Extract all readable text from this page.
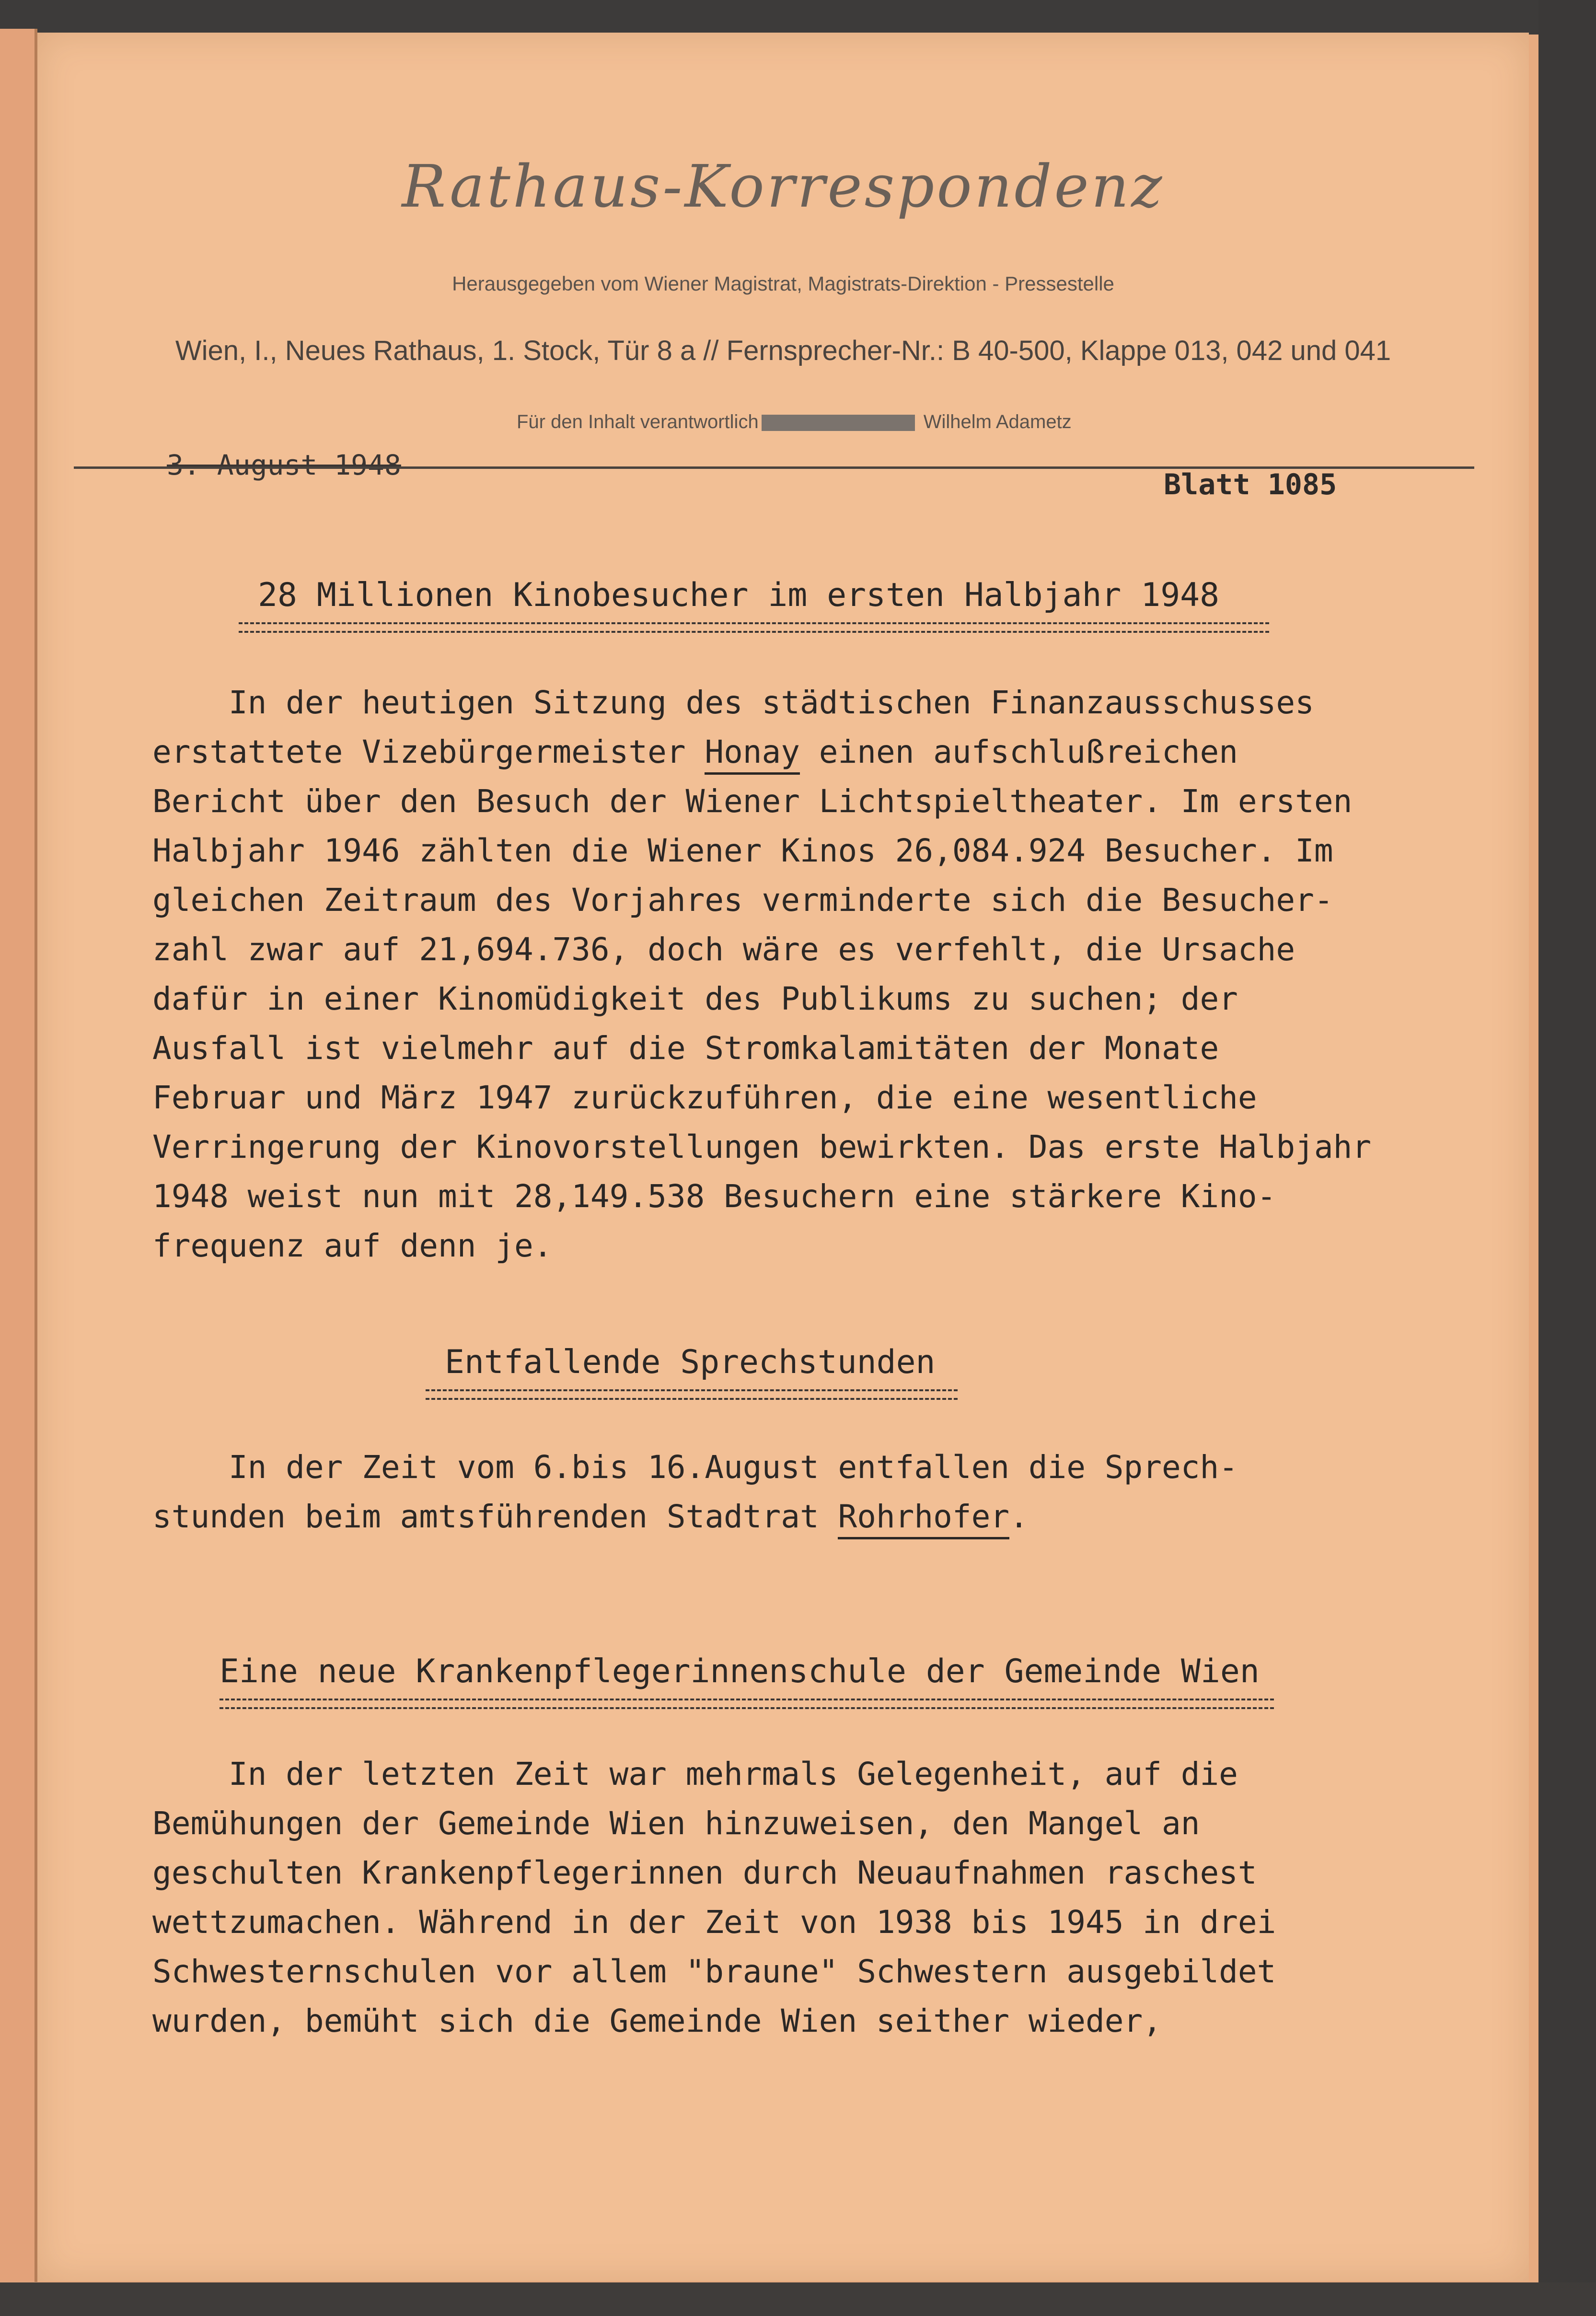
Rathaus-Korrespondenz
Herausgegeben vom Wiener Magistrat, Magistrats-Direktion - Pressestelle
Wien, I., Neues Rathaus, 1. Stock, Tür 8 a // Fernsprecher-Nr.: B 40-500, Klappe 013, 042 und 041
Für den Inhalt verantwortlich	Wilhelm Adametz
3. August 1948
Blatt 1085
28 Millionen Kinobesucher im ersten Halbjahr 1948
In der heutigen Sitzung des städtischen Finanzausschusses
erstattete Vizebürgermeister Honay einen aufschlußreichen
Bericht über den Besuch der Wiener Lichtspieltheater. Im ersten
Halbjahr 1946 zählten die Wiener Kinos 26,084.924 Besucher. Im
gleichen Zeitraum des Vorjahres verminderte sich die Besucher-
zahl zwar auf 21,694.736, doch wäre es verfehlt, die Ursache
dafür in einer Kinomüdigkeit des Publikums zu suchen; der
Ausfall ist vielmehr auf die Stromkalamitäten der Monate
Februar und März 1947 zurückzuführen, die eine wesentliche
Verringerung der Kinovorstellungen bewirkten. Das erste Halbjahr
1948 weist nun mit 28,149.538 Besuchern eine stärkere Kino-
frequenz auf denn je.
Entfallende Sprechstunden
In der Zeit vom 6.bis 16.August entfallen die Sprech-
stunden beim amtsführenden Stadtrat Rohrhofer.
Eine neue Krankenpflegerinnenschule der Gemeinde Wien
In der letzten Zeit war mehrmals Gelegenheit, auf die
Bemühungen der Gemeinde Wien hinzuweisen, den Mangel an
geschulten Krankenpflegerinnen durch Neuaufnahmen raschest
wettzumachen. Während in der Zeit von 1938 bis 1945 in drei
Schwesternschulen vor allem "braune" Schwestern ausgebildet
wurden, bemüht sich die Gemeinde Wien seither wieder,
